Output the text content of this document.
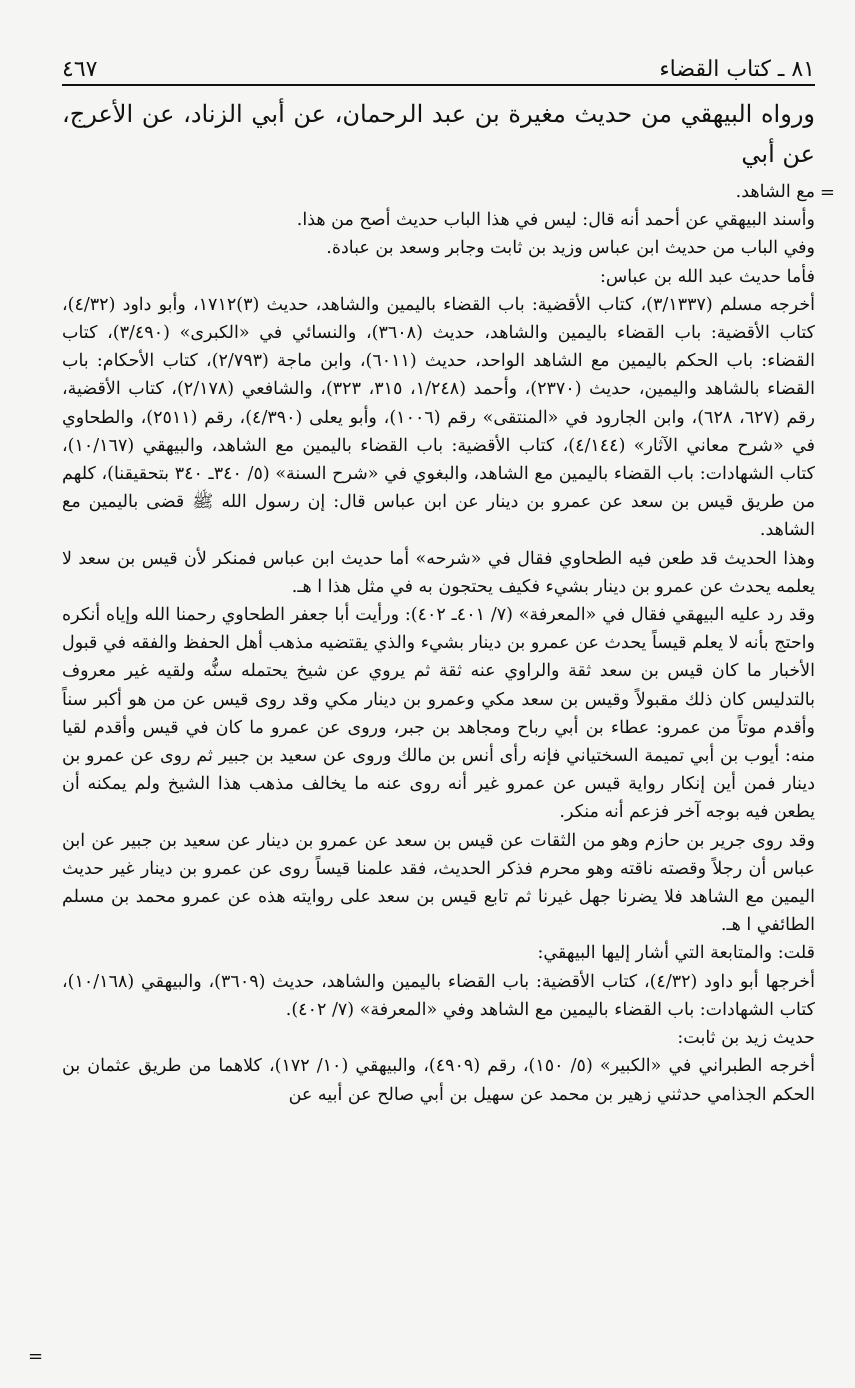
٨١ ـ كتاب القضاء
٤٦٧
ورواه البيهقي من حديث مغيرة بن عبد الرحمان، عن أبي الزناد، عن الأعرج، عن أبي
=

مع الشاهد.

وأسند البيهقي عن أحمد أنه قال: ليس في هذا الباب حديث أصح من هذا.

وفي الباب من حديث ابن عباس وزيد بن ثابت وجابر وسعد بن عبادة.

فأما حديث عبد الله بن عباس:

أخرجه مسلم (٣/١٣٣٧)، كتاب الأقضية: باب القضاء باليمين والشاهد، حديث (٣)١٧١٢، وأبو داود (٤/٣٢)، كتاب الأقضية: باب القضاء باليمين والشاهد، حديث (٣٦٠٨)، والنسائي في «الكبرى» (٣/٤٩٠)، كتاب القضاء: باب الحكم باليمين مع الشاهد الواحد، حديث (٦٠١١)، وابن ماجة (٢/٧٩٣)، كتاب الأحكام: باب القضاء بالشاهد واليمين، حديث (٢٣٧٠)، وأحمد (١/٢٤٨، ٣١٥، ٣٢٣)، والشافعي (٢/١٧٨)، كتاب الأقضية، رقم (٦٢٧، ٦٢٨)، وابن الجارود في «المنتقى» رقم (١٠٠٦)، وأبو يعلى (٤/٣٩٠)، رقم (٢٥١١)، والطحاوي في «شرح معاني الآثار» (٤/١٤٤)، كتاب الأقضية: باب القضاء باليمين مع الشاهد، والبيهقي (١٠/١٦٧)، كتاب الشهادات: باب القضاء باليمين مع الشاهد، والبغوي في «شرح السنة» (٥/ ٣٤٠ـ ٣٤٠ بتحقيقنا)، كلهم من طريق قيس بن سعد عن عمرو بن دينار عن ابن عباس قال: إن رسول الله ﷺ قضى باليمين مع الشاهد.

وهذا الحديث قد طعن فيه الطحاوي فقال في «شرحه» أما حديث ابن عباس فمنكر لأن قيس بن سعد لا يعلمه يحدث عن عمرو بن دينار بشيء فكيف يحتجون به في مثل هذا ا هـ.

وقد رد عليه البيهقي فقال في «المعرفة» (٧/ ٤٠١ـ ٤٠٢): ورأيت أبا جعفر الطحاوي رحمنا الله وإياه أنكره واحتج بأنه لا يعلم قيساً يحدث عن عمرو بن دينار بشيء والذي يقتضيه مذهب أهل الحفظ والفقه في قبول الأخبار ما كان قيس بن سعد ثقة والراوي عنه ثقة ثم يروي عن شيخ يحتمله سنُّه ولقيه غير معروف بالتدليس كان ذلك مقبولاً وقيس بن سعد مكي وعمرو بن دينار مكي وقد روى قيس عن من هو أكبر سناً وأقدم موتاً من عمرو: عطاء بن أبي رباح ومجاهد بن جبر، وروى عن عمرو ما كان في قيس وأقدم لقيا منه: أيوب بن أبي تميمة السختياني فإنه رأى أنس بن مالك وروى عن سعيد بن جبير ثم روى عن عمرو بن دينار فمن أين إنكار رواية قيس عن عمرو غير أنه روى عنه ما يخالف مذهب هذا الشيخ ولم يمكنه أن يطعن فيه بوجه آخر فزعم أنه منكر.

وقد روى جرير بن حازم وهو من الثقات عن قيس بن سعد عن عمرو بن دينار عن سعيد بن جبير عن ابن عباس أن رجلاً وقصته ناقته وهو محرم فذكر الحديث، فقد علمنا قيساً روى عن عمرو بن دينار غير حديث اليمين مع الشاهد فلا يضرنا جهل غيرنا ثم تابع قيس بن سعد على روايته هذه عن عمرو محمد بن مسلم الطائفي ا هـ.

قلت: والمتابعة التي أشار إليها البيهقي:

أخرجها أبو داود (٤/٣٢)، كتاب الأقضية: باب القضاء باليمين والشاهد، حديث (٣٦٠٩)، والبيهقي (١٠/١٦٨)، كتاب الشهادات: باب القضاء باليمين مع الشاهد وفي «المعرفة» (٧/ ٤٠٢).

حديث زيد بن ثابت:

أخرجه الطبراني في «الكبير» (٥/ ١٥٠)، رقم (٤٩٠٩)، والبيهقي (١٠/ ١٧٢)، كلاهما من طريق عثمان بن الحكم الجذامي حدثني زهير بن محمد عن سهيل بن أبي صالح عن أبيه عن

=
